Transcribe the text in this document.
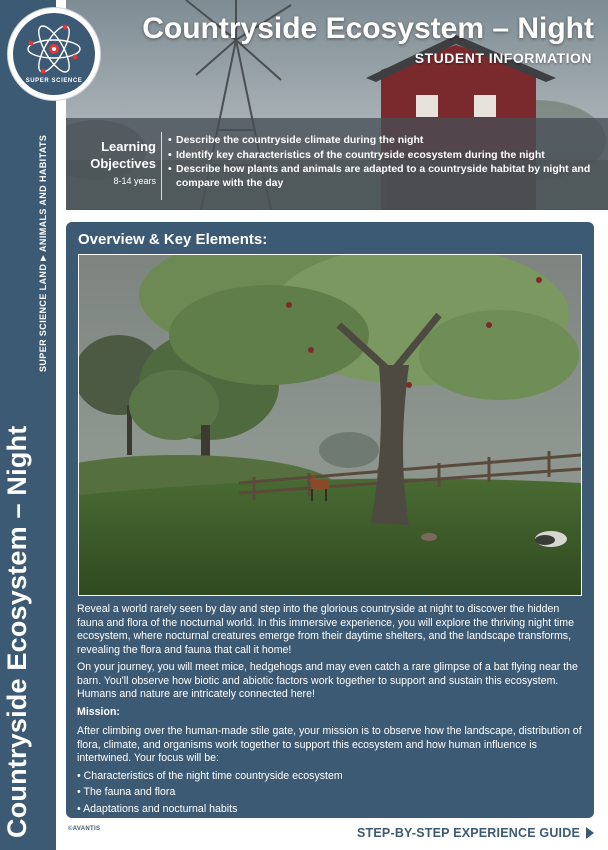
SUPER SCIENCE LAND
▶
ANIMALS AND HABITATS
Countryside Ecosystem – Night
Countryside Ecosystem – Night
STUDENT INFORMATION
Learning Objectives
8-14 years
• Describe the countryside climate during the night
• Identify key characteristics of the countryside ecosystem during the night
• Describe how plants and animals are adapted to a countryside habitat by night and compare with the day
SUPER SCIENCE
Overview & Key Elements:

Reveal a world rarely seen by day and step into the glorious countryside at night to discover the hidden fauna and flora of the nocturnal world. In this immersive experience, you will explore the thriving night time ecosystem, where nocturnal creatures emerge from their daytime shelters, and the landscape transforms, revealing the flora and fauna that call it home!

On your journey, you will meet mice, hedgehogs and may even catch a rare glimpse of a bat flying near the barn. You'll observe how biotic and abiotic factors work together to support and sustain this ecosystem. Humans and nature are intricately connected here!

Mission:

After climbing over the human-made stile gate, your mission is to observe how the landscape, distribution of flora, climate, and organisms work together to support this ecosystem and how human influence is intertwined. Your focus will be:

• Characteristics of the night time countryside ecosystem
• The fauna and flora
• Adaptations and nocturnal habits
©AVANTIS	STEP-BY-STEP EXPERIENCE GUIDE
